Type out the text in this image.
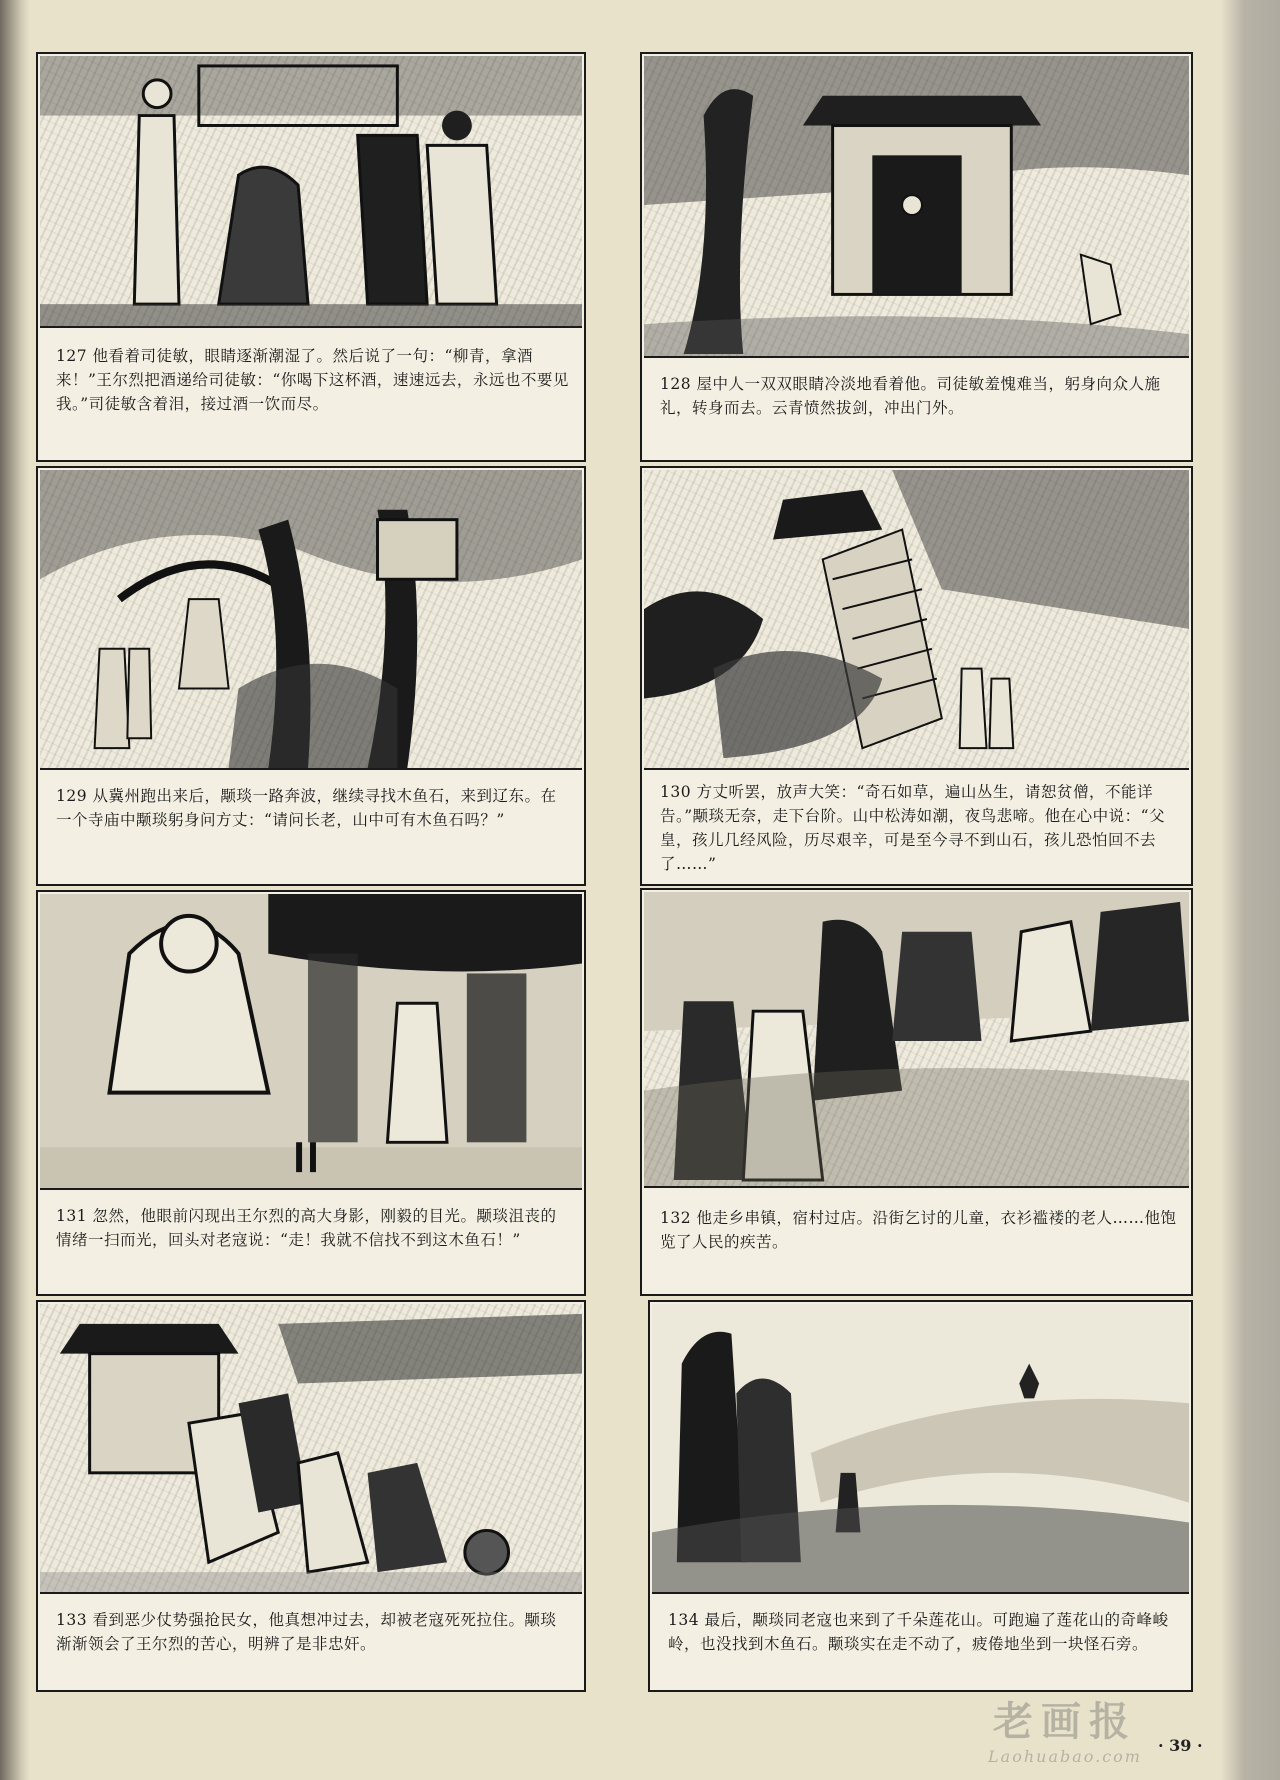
127 他看着司徒敏，眼睛逐渐潮湿了。然后说了一句：“柳青，拿酒来！”王尔烈把酒递给司徒敏：“你喝下这杯酒，速速远去，永远也不要见我。”司徒敏含着泪，接过酒一饮而尽。
128 屋中人一双双眼睛冷淡地看着他。司徒敏羞愧难当，躬身向众人施礼，转身而去。云青愤然拔剑，冲出门外。
129 从冀州跑出来后，颙琰一路奔波，继续寻找木鱼石，来到辽东。在一个寺庙中颙琰躬身问方丈：“请问长老，山中可有木鱼石吗？”
130 方丈听罢，放声大笑：“奇石如草，遍山丛生，请恕贫僧，不能详告。”颙琰无奈，走下台阶。山中松涛如潮，夜鸟悲啼。他在心中说：“父皇，孩儿几经风险，历尽艰辛，可是至今寻不到山石，孩儿恐怕回不去了……”
131 忽然，他眼前闪现出王尔烈的高大身影，刚毅的目光。颙琰沮丧的情绪一扫而光，回头对老寇说：“走！我就不信找不到这木鱼石！”
132 他走乡串镇，宿村过店。沿街乞讨的儿童，衣衫褴褛的老人……他饱览了人民的疾苦。
133 看到恶少仗势强抢民女，他真想冲过去，却被老寇死死拉住。颙琰渐渐领会了王尔烈的苦心，明辨了是非忠奸。
134 最后，颙琰同老寇也来到了千朵莲花山。可跑遍了莲花山的奇峰峻岭，也没找到木鱼石。颙琰实在走不动了，疲倦地坐到一块怪石旁。
老画报
Laohuabao.com
· 39 ·
